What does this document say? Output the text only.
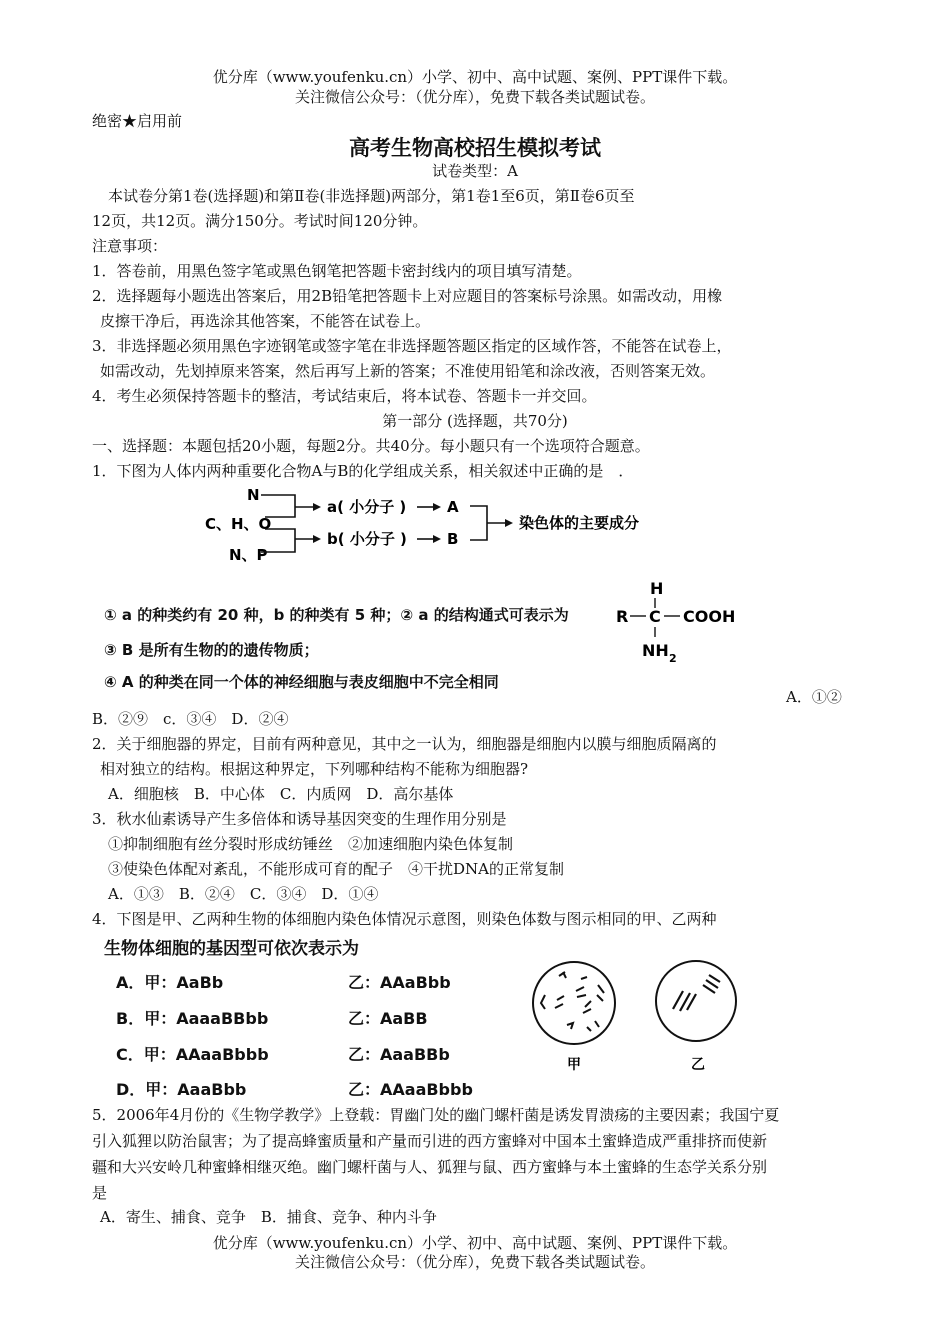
优分库（www.youfenku.cn）小学、初中、高中试题、案例、PPT课件下载。
关注微信公众号：（优分库），免费下载各类试题试卷。
绝密★启用前
高考生物高校招生模拟考试
试卷类型：A
本试卷分第1卷(选择题)和第Ⅱ卷(非选择题)两部分，第1卷1至6页，第Ⅱ卷6页至
12页，共12页。满分150分。考试时间120分钟。
注意事项：
1．答卷前，用黑色签字笔或黑色钢笔把答题卡密封线内的项目填写清楚。
2．选择题每小题选出答案后，用2B铅笔把答题卡上对应题目的答案标号涂黑。如需改动，用橡
皮擦干净后，再选涂其他答案，不能答在试卷上。
3．非选择题必须用黑色字迹钢笔或签字笔在非选择题答题区指定的区域作答，不能答在试卷上，
如需改动，先划掉原来答案，然后再写上新的答案；不准使用铅笔和涂改液，否则答案无效。
4．考生必须保持答题卡的整洁，考试结束后，将本试卷、答题卡一并交回。
第一部分 (选择题，共70分)
一、选择题：本题包括20小题，每题2分。共40分。每小题只有一个选项符合题意。
1．下图为人体内两种重要化合物A与B的化学组成关系，相关叙述中正确的是　．
N
C、H、O
N、P
a( 小分子 )
b( 小分子 )
A
B
染色体的主要成分
① a 的种类约有 20 种，b 的种类有 5 种；② a 的结构通式可表示为
H
R C COOH
NH 2
③ B 是所有生物的的遗传物质；
④ A 的种类在同一个体的神经细胞与表皮细胞中不完全相同
A．①②
B．②⑨　c．③④　D．②④
2．关于细胞器的界定，目前有两种意见，其中之一认为，细胞器是细胞内以膜与细胞质隔离的
相对独立的结构。根据这种界定，下列哪种结构不能称为细胞器?
A．细胞核　B．中心体　C．内质网　D．高尔基体
3．秋水仙素诱导产生多倍体和诱导基因突变的生理作用分别是
①抑制细胞有丝分裂时形成纺锤丝　②加速细胞内染色体复制
③使染色体配对紊乱，不能形成可育的配子　④干扰DNA的正常复制
A．①③　B．②④　C．③④　D．①④
4．下图是甲、乙两种生物的体细胞内染色体情况示意图，则染色体数与图示相同的甲、乙两种
生物体细胞的基因型可依次表示为
A．甲：AaBb	乙：AAaBbb
B．甲：AaaaBBbb	乙：AaBB
C．甲：AAaaBbbb	乙：AaaBBb
D．甲：AaaBbb	乙：AAaaBbbb
甲	乙
5．2006年4月份的《生物学教学》上登载：胃幽门处的幽门螺杆菌是诱发胃溃疡的主要因素；我国宁夏
引入狐狸以防治鼠害；为了提高蜂蜜质量和产量而引进的西方蜜蜂对中国本土蜜蜂造成严重排挤而使新
疆和大兴安岭几种蜜蜂相继灭绝。幽门螺杆菌与人、狐狸与鼠、西方蜜蜂与本土蜜蜂的生态学关系分别
是
A．寄生、捕食、竞争　B．捕食、竞争、种内斗争
优分库（www.youfenku.cn）小学、初中、高中试题、案例、PPT课件下载。
关注微信公众号：（优分库），免费下载各类试题试卷。
